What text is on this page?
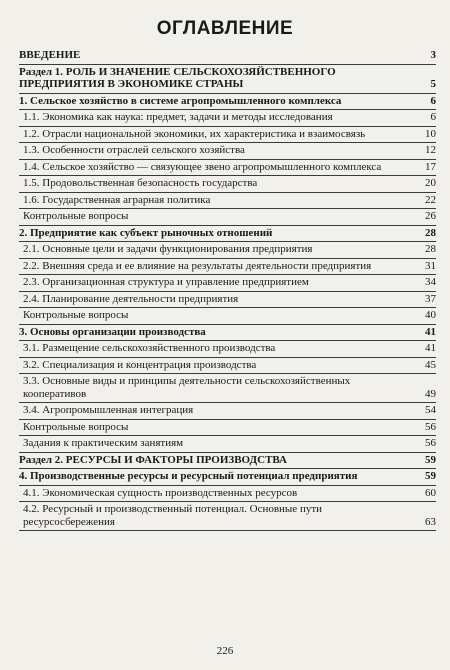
ОГЛАВЛЕНИЕ
ВВЕДЕНИЕ	3
Раздел 1. РОЛЬ И ЗНАЧЕНИЕ СЕЛЬСКОХОЗЯЙСТВЕННОГО ПРЕДПРИЯТИЯ В ЭКОНОМИКЕ СТРАНЫ	5
1. Сельское хозяйство в системе агропромышленного комплекса	6
1.1. Экономика как наука: предмет, задачи и методы исследования	6
1.2. Отрасли национальной экономики, их характеристика и взаимосвязь	10
1.3. Особенности отраслей сельского хозяйства	12
1.4. Сельское хозяйство — связующее звено агропромышленного комплекса	17
1.5. Продовольственная безопасность государства	20
1.6. Государственная аграрная политика	22
Контрольные вопросы	26
2. Предприятие как субъект рыночных отношений	28
2.1. Основные цели и задачи функционирования предприятия	28
2.2. Внешняя среда и ее влияние на результаты деятельности предприятия	31
2.3. Организационная структура и управление предприятием	34
2.4. Планирование деятельности предприятия	37
Контрольные вопросы	40
3. Основы организации производства	41
3.1. Размещение сельскохозяйственного производства	41
3.2. Специализация и концентрация производства	45
3.3. Основные виды и принципы деятельности сельскохозяйственных кооперативов	49
3.4. Агропромышленная интеграция	54
Контрольные вопросы	56
Задания к практическим занятиям	56
Раздел 2. РЕСУРСЫ И ФАКТОРЫ ПРОИЗВОДСТВА	59
4. Производственные ресурсы и ресурсный потенциал предприятия	59
4.1. Экономическая сущность производственных ресурсов	60
4.2. Ресурсный и производственный потенциал. Основные пути ресурсосбережения	63
226
